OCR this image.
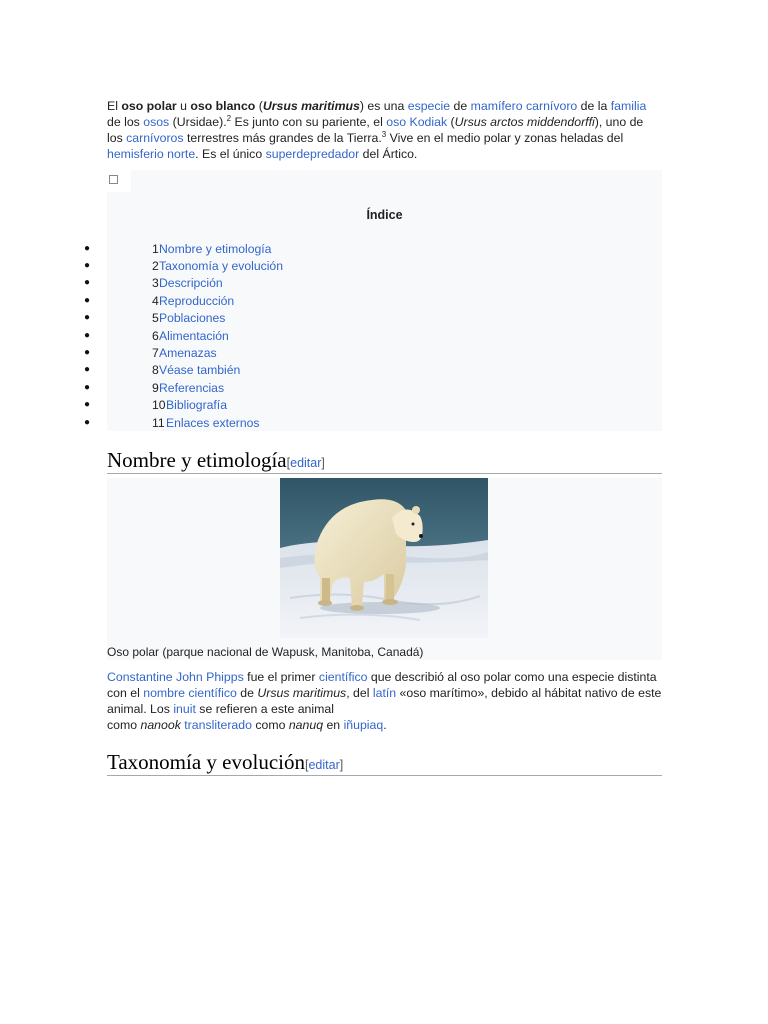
El oso polar u oso blanco (Ursus maritimus) es una especie de mamífero carnívoro de la familia de los osos (Ursidae).$^2$ Es junto con su pariente, el oso Kodiak (Ursus arctos middendorffi), uno de los carnívoros terrestres más grandes de la Tierra.$^3$ Vive en el medio polar y zonas heladas del hemisferio norte. Es el único superdepredador del Ártico.

Índice
●	1 Nombre y etimología
●	2 Taxonomía y evolución
●	3 Descripción
●	4 Reproducción
●	5 Poblaciones
●	6 Alimentación
●	7 Amenazas
●	8 Véase también
●	9 Referencias
●	10 Bibliografía
●	11 Enlaces externos
Nombre y etimología[editar]
Oso polar (parque nacional de Wapusk, Manitoba, Canadá)

Constantine John Phipps fue el primer científico que describió al oso polar como una especie distinta con el nombre científico de Ursus maritimus, del latín «oso marítimo», debido al hábitat nativo de este animal. Los inuit se refieren a este animal
como nanook transliterado como nanuq en iñupiaq.

Taxonomía y evolución[editar]
